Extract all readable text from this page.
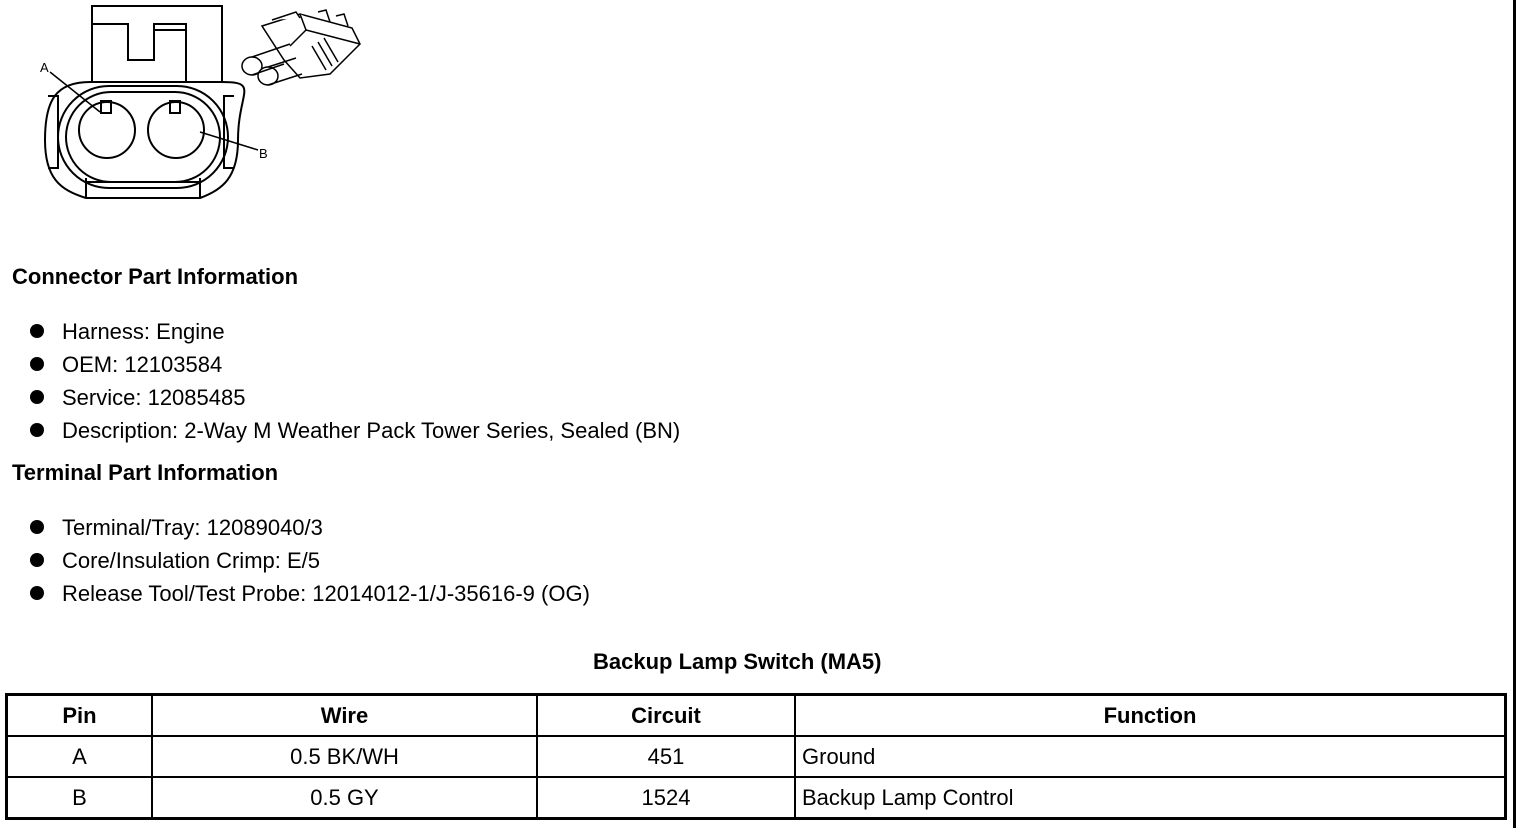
A
B
Connector Part Information
Harness: Engine
OEM: 12103584
Service: 12085485
Description: 2-Way M Weather Pack Tower Series, Sealed (BN)
Terminal Part Information
Terminal/Tray: 12089040/3
Core/Insulation Crimp: E/5
Release Tool/Test Probe: 12014012-1/J-35616-9 (OG)
Backup Lamp Switch (MA5)
Pin	Wire	Circuit	Function
A	0.5 BK/WH	451	Ground
B	0.5 GY	1524	Backup Lamp Control
